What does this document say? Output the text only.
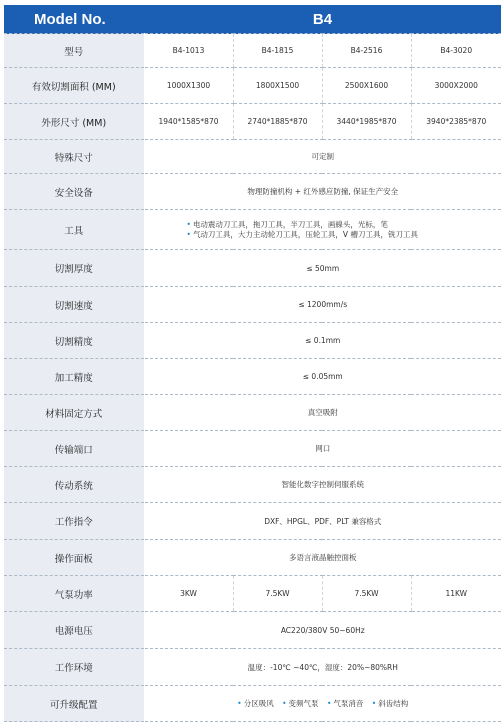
Model No.	B4			
型号	B4-1013	B4-1815	B4-2516	B4-3020
有效切割面积 (MM)	1000X1300	1800X1500	2500X1600	3000X2000
外形尺寸 (MM)	1940*1585*870	2740*1885*870	3440*1985*870	3940*2385*870
特殊尺寸	可定制			
安全设备	物理防撞机构 + 红外感应防撞, 保证生产安全			
工具	• 电动震动刀工具，拖刀工具，半刀工具，画線头，光标，笔
• 气动刀工具，大力主动轮刀工具，压轮工具，V 槽刀工具，铣刀工具			

切割厚度	≤ 50mm			
切割速度	≤ 1200mm/s			
切割精度	≤ 0.1mm			
加工精度	≤ 0.05mm			
材料固定方式	真空吸附			
传输端口	网口			
传动系统	智能化数字控制伺服系统			
工作指令	DXF、HPGL、PDF、PLT 兼容格式			
操作面板	多语言液晶触控面板			
气泵功率	3KW	7.5KW	7.5KW	11KW
电源电压	AC220/380V 50~60Hz			
工作环境	温度：-10℃ ~40℃，湿度：20%~80%RH			
可升级配置	• 分区吸风 • 变频气泵 • 气泵消音 • 斜齿结构			
